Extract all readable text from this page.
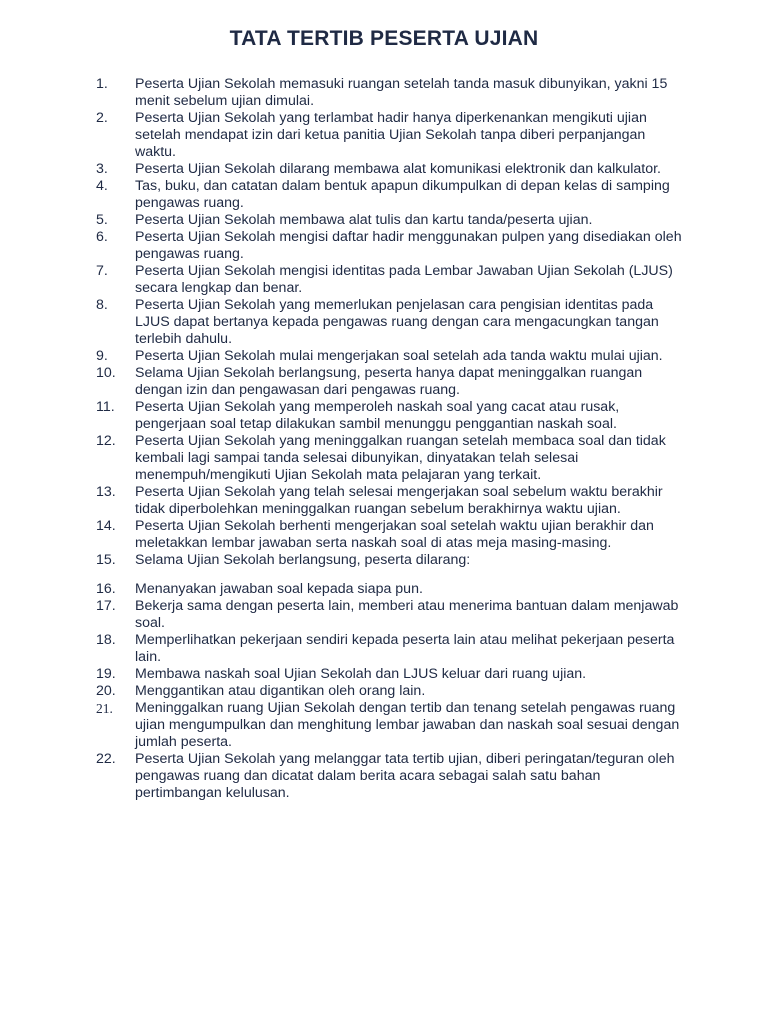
TATA TERTIB PESERTA UJIAN
1.	Peserta Ujian Sekolah memasuki ruangan setelah tanda masuk dibunyikan, yakni 15 menit sebelum ujian dimulai.
2.	Peserta Ujian Sekolah yang terlambat hadir hanya diperkenankan mengikuti ujian setelah mendapat izin dari ketua panitia Ujian Sekolah tanpa diberi perpanjangan waktu.
3.	Peserta Ujian Sekolah dilarang membawa alat komunikasi elektronik dan kalkulator.
4.	Tas, buku, dan catatan dalam bentuk apapun dikumpulkan di depan kelas di samping pengawas ruang.
5.	Peserta Ujian Sekolah membawa alat tulis dan kartu tanda/peserta ujian.
6.	Peserta Ujian Sekolah mengisi daftar hadir menggunakan pulpen yang disediakan oleh pengawas ruang.
7.	Peserta Ujian Sekolah mengisi identitas pada Lembar Jawaban Ujian Sekolah (LJUS) secara lengkap dan benar.
8.	Peserta Ujian Sekolah yang memerlukan penjelasan cara pengisian identitas pada LJUS dapat bertanya kepada pengawas ruang dengan cara mengacungkan tangan terlebih dahulu.
9.	Peserta Ujian Sekolah mulai mengerjakan soal setelah ada tanda waktu mulai ujian.
10.	Selama Ujian Sekolah berlangsung, peserta hanya dapat meninggalkan ruangan dengan izin dan pengawasan dari pengawas ruang.
11.	Peserta Ujian Sekolah yang memperoleh naskah soal yang cacat atau rusak, pengerjaan soal tetap dilakukan sambil menunggu penggantian naskah soal.
12.	Peserta Ujian Sekolah yang meninggalkan ruangan setelah membaca soal dan tidak kembali lagi sampai tanda selesai dibunyikan, dinyatakan telah selesai menempuh/mengikuti Ujian Sekolah mata pelajaran yang terkait.
13.	Peserta Ujian Sekolah yang telah selesai mengerjakan soal sebelum waktu berakhir tidak diperbolehkan meninggalkan ruangan sebelum berakhirnya waktu ujian.
14.	Peserta Ujian Sekolah berhenti mengerjakan soal setelah waktu ujian berakhir dan meletakkan lembar jawaban serta naskah soal di atas meja masing-masing.
15.	Selama Ujian Sekolah berlangsung, peserta dilarang:
16.	Menanyakan jawaban soal kepada siapa pun.
17.	Bekerja sama dengan peserta lain, memberi atau menerima bantuan dalam menjawab soal.
18.	Memperlihatkan pekerjaan sendiri kepada peserta lain atau melihat pekerjaan peserta lain.
19.	Membawa naskah soal Ujian Sekolah dan LJUS keluar dari ruang ujian.
20.	Menggantikan atau digantikan oleh orang lain.
21.	Meninggalkan ruang Ujian Sekolah dengan tertib dan tenang setelah pengawas ruang ujian mengumpulkan dan menghitung lembar jawaban dan naskah soal sesuai dengan jumlah peserta.
22.	Peserta Ujian Sekolah yang melanggar tata tertib ujian, diberi peringatan/teguran oleh pengawas ruang dan dicatat dalam berita acara sebagai salah satu bahan pertimbangan kelulusan.
